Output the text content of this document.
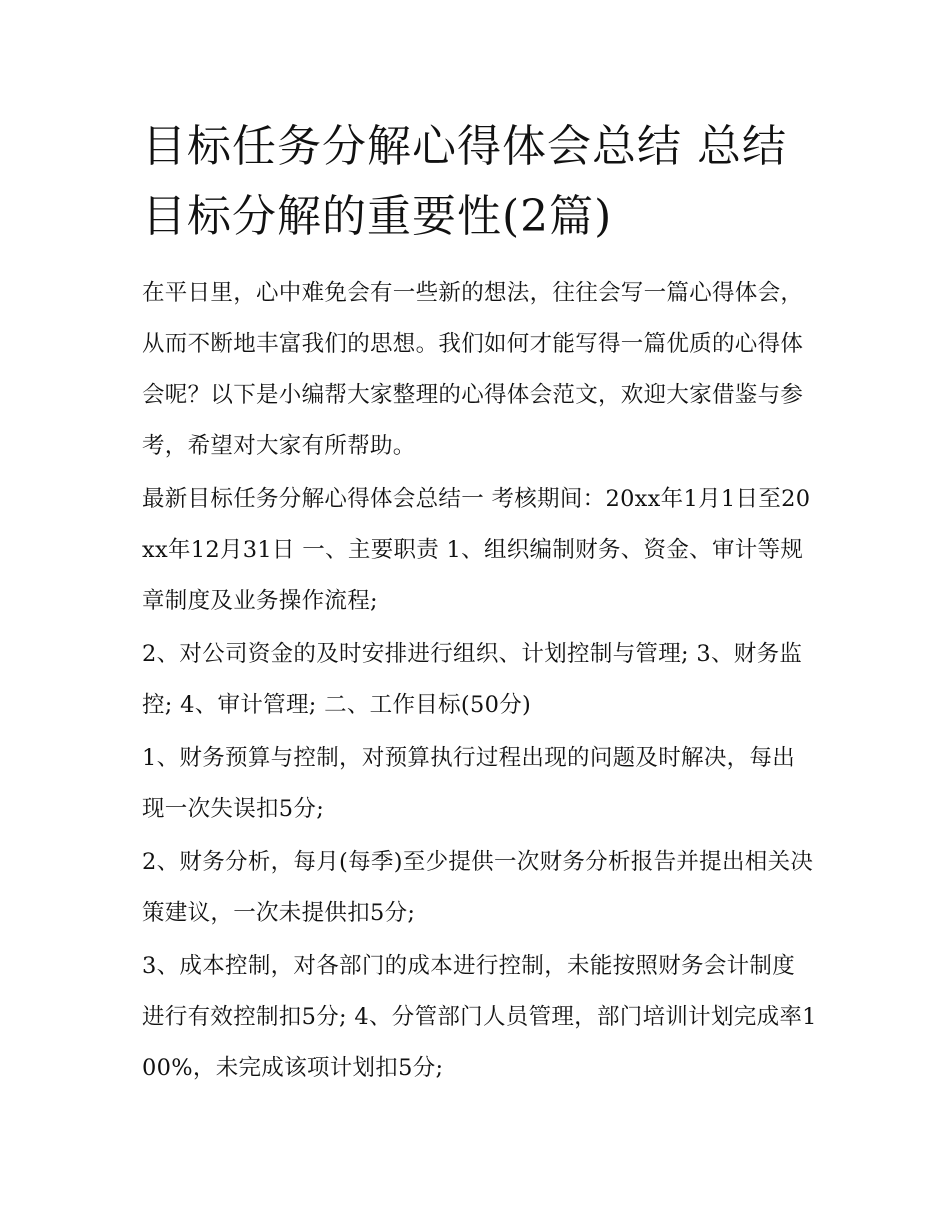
目标任务分解心得体会总结 总结目标分解的重要性(2篇)

在平日里，心中难免会有一些新的想法，往往会写一篇心得体会，从而不断地丰富我们的思想。我们如何才能写得一篇优质的心得体会呢？以下是小编帮大家整理的心得体会范文，欢迎大家借鉴与参考，希望对大家有所帮助。

最新目标任务分解心得体会总结一 考核期间：20xx年1月1日至20xx年12月31日 一、主要职责 1、组织编制财务、资金、审计等规章制度及业务操作流程;

2、对公司资金的及时安排进行组织、计划控制与管理; 3、财务监控; 4、审计管理; 二、工作目标(50分)

1、财务预算与控制，对预算执行过程出现的问题及时解决，每出现一次失误扣5分;

2、财务分析，每月(每季)至少提供一次财务分析报告并提出相关决策建议，一次未提供扣5分;

3、成本控制，对各部门的成本进行控制，未能按照财务会计制度进行有效控制扣5分; 4、分管部门人员管理，部门培训计划完成率100%，未完成该项计划扣5分;
